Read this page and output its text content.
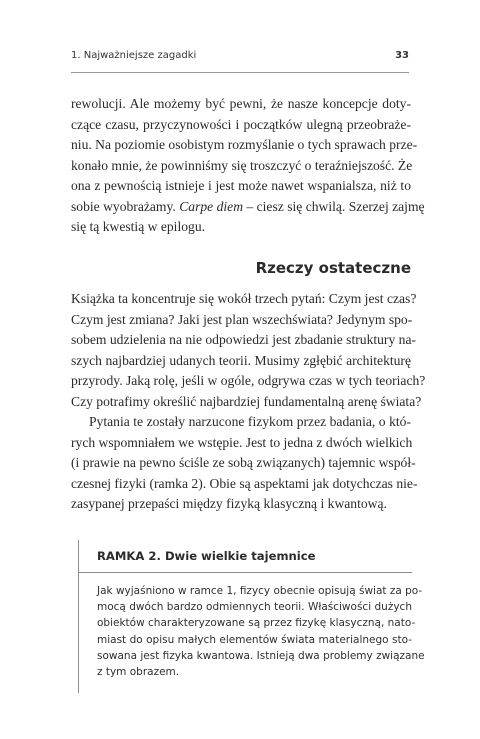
1. Najważniejsze zagadki	33
rewolucji. Ale możemy być pewni, że nasze koncepcje doty-
czące czasu, przyczynowości i początków ulegną przeobraże-
niu. Na poziomie osobistym rozmyślanie o tych sprawach prze-
konało mnie, że powinniśmy się troszczyć o teraźniejszość. Że
ona z pewnością istnieje i jest może nawet wspanialsza, niż to
sobie wyobrażamy. Carpe diem – ciesz się chwilą. Szerzej zajmę
się tą kwestią w epilogu.
Rzeczy ostateczne
Książka ta koncentruje się wokół trzech pytań: Czym jest czas?
Czym jest zmiana? Jaki jest plan wszechświata? Jedynym spo-
sobem udzielenia na nie odpowiedzi jest zbadanie struktury na-
szych najbardziej udanych teorii. Musimy zgłębić architekturę
przyrody. Jaką rolę, jeśli w ogóle, odgrywa czas w tych teoriach?
Czy potrafimy określić najbardziej fundamentalną arenę świata?
Pytania te zostały narzucone fizykom przez badania, o któ-
rych wspomniałem we wstępie. Jest to jedna z dwóch wielkich
(i prawie na pewno ściśle ze sobą związanych) tajemnic współ-
czesnej fizyki (ramka 2). Obie są aspektami jak dotychczas nie-
zasypanej przepaści między fizyką klasyczną i kwantową.
RAMKA 2. Dwie wielkie tajemnice
Jak wyjaśniono w ramce 1, fizycy obecnie opisują świat za po-
mocą dwóch bardzo odmiennych teorii. Właściwości dużych
obiektów charakteryzowane są przez fizykę klasyczną, nato-
miast do opisu małych elementów świata materialnego sto-
sowana jest fizyka kwantowa. Istnieją dwa problemy związane
z tym obrazem.
